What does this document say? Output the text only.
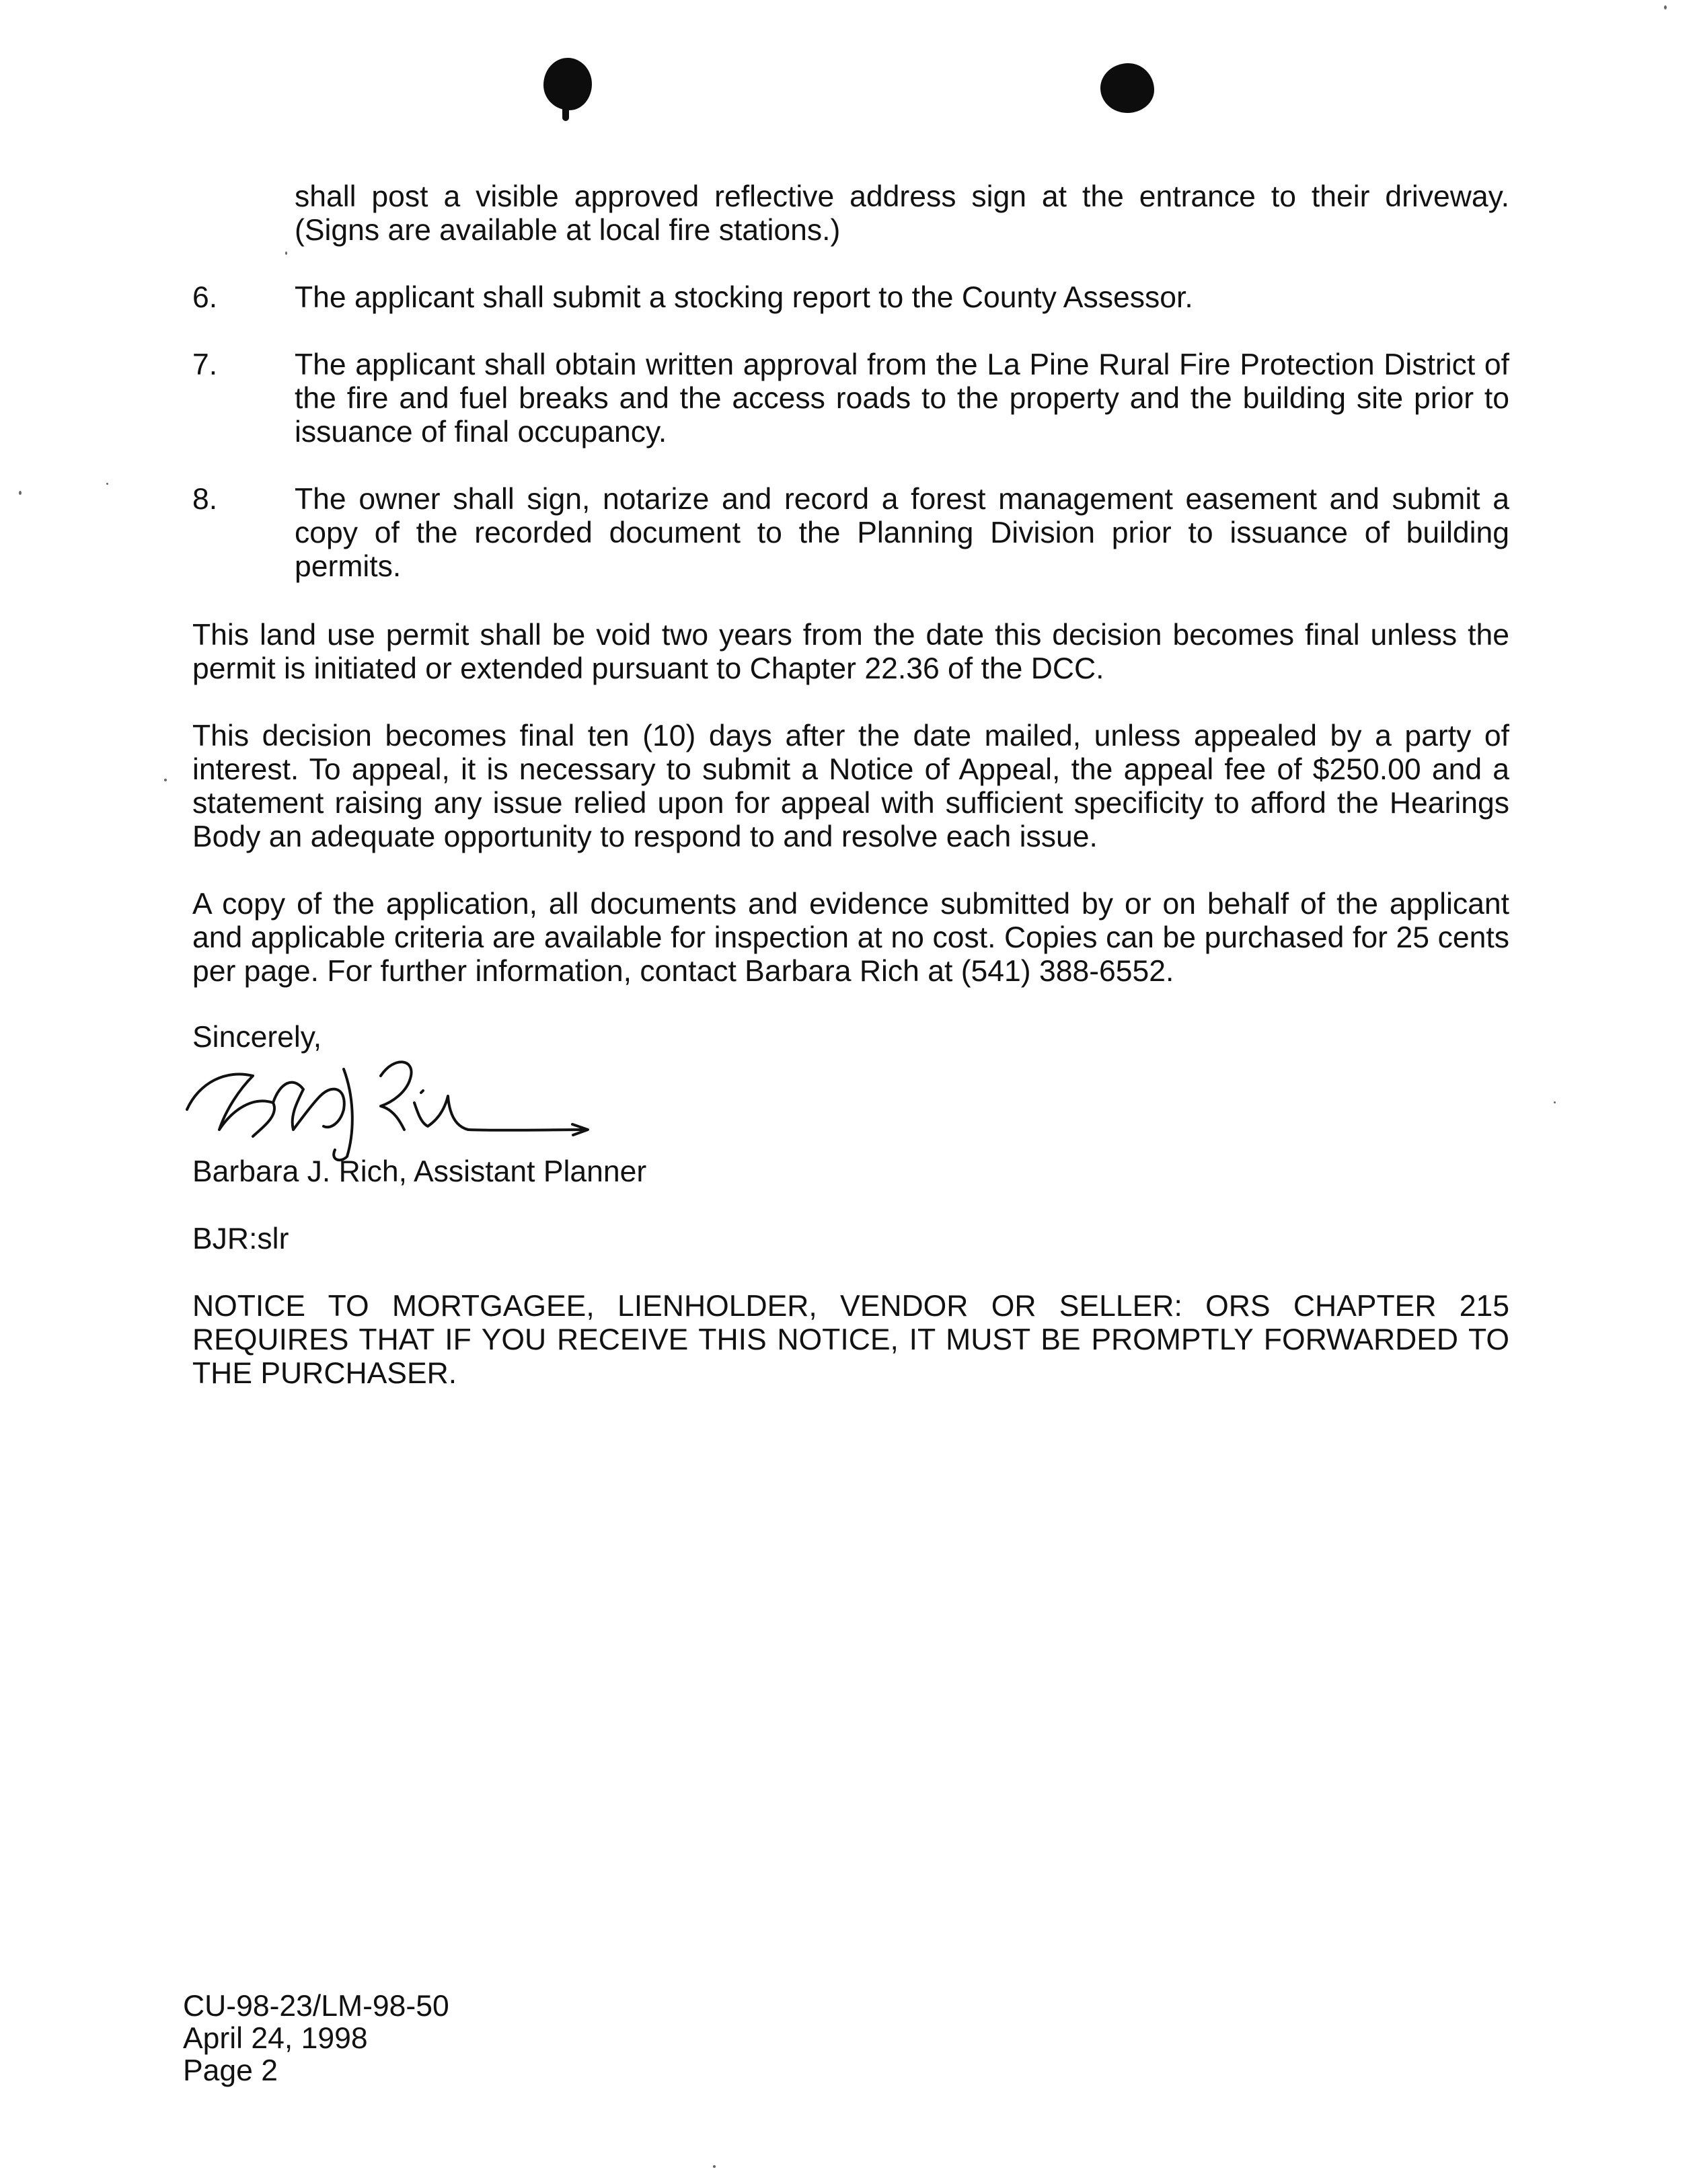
shall post a visible approved reflective address sign at the entrance to their driveway. (Signs are available at local fire stations.)
6.	The applicant shall submit a stocking report to the County Assessor.
7.	The applicant shall obtain written approval from the La Pine Rural Fire Protection District of the fire and fuel breaks and the access roads to the property and the building site prior to issuance of final occupancy.
8.	The owner shall sign, notarize and record a forest management easement and submit a copy of the recorded document to the Planning Division prior to issuance of building permits.
This land use permit shall be void two years from the date this decision becomes final unless the permit is initiated or extended pursuant to Chapter 22.36 of the DCC.
This decision becomes final ten (10) days after the date mailed, unless appealed by a party of interest. To appeal, it is necessary to submit a Notice of Appeal, the appeal fee of $250.00 and a statement raising any issue relied upon for appeal with sufficient specificity to afford the Hearings Body an adequate opportunity to respond to and resolve each issue.
A copy of the application, all documents and evidence submitted by or on behalf of the applicant and applicable criteria are available for inspection at no cost. Copies can be purchased for 25 cents per page. For further information, contact Barbara Rich at (541) 388-6552.
Sincerely,
Barbara J. Rich, Assistant Planner
BJR:slr
NOTICE TO MORTGAGEE, LIENHOLDER, VENDOR OR SELLER: ORS CHAPTER 215 REQUIRES THAT IF YOU RECEIVE THIS NOTICE, IT MUST BE PROMPTLY FORWARDED TO THE PURCHASER.
CU-98-23/LM-98-50
April 24, 1998
Page 2
